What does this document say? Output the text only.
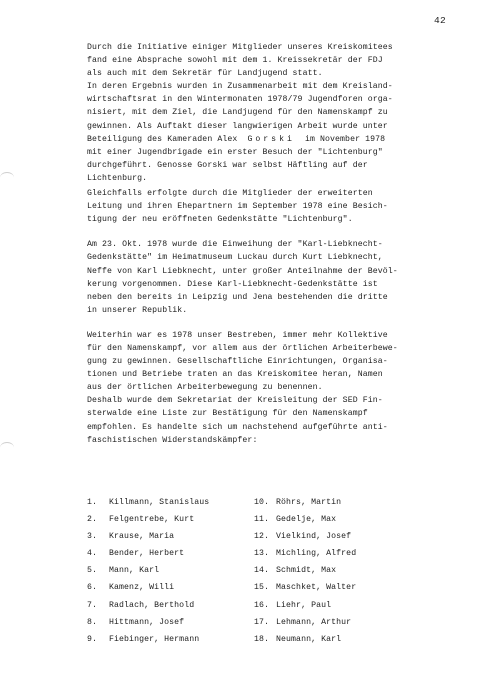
42
Durch die Initiative einiger Mitglieder unseres Kreiskomitees
fand eine Absprache sowohl mit dem 1. Kreissekretär der FDJ
als auch mit dem Sekretär für Landjugend statt.
In deren Ergebnis wurden in Zusammenarbeit mit dem Kreisland-
wirtschaftsrat in den Wintermonaten 1978/79 Jugendforen orga-
nisiert, mit dem Ziel, die Landjugend für den Namenskampf zu
gewinnen. Als Auftakt dieser langwierigen Arbeit wurde unter
Beteiligung des Kameraden Alex  Gorski  im November 1978
mit einer Jugendbrigade ein erster Besuch der "Lichtenburg"
durchgeführt. Genosse Gorski war selbst Häftling auf der
Lichtenburg.
Gleichfalls erfolgte durch die Mitglieder der erweiterten
Leitung und ihren Ehepartnern im September 1978 eine Besich-
tigung der neu eröffneten Gedenkstätte "Lichtenburg".
Am 23. Okt. 1978 wurde die Einweihung der "Karl-Liebknecht-
Gedenkstätte" im Heimatmuseum Luckau durch Kurt Liebknecht,
Neffe von Karl Liebknecht, unter großer Anteilnahme der Bevöl-
kerung vorgenommen. Diese Karl-Liebknecht-Gedenkstätte ist
neben den bereits in Leipzig und Jena bestehenden die dritte
in unserer Republik.
Weiterhin war es 1978 unser Bestreben, immer mehr Kollektive
für den Namenskampf, vor allem aus der örtlichen Arbeiterbewe-
gung zu gewinnen. Gesellschaftliche Einrichtungen, Organisa-
tionen und Betriebe traten an das Kreiskomitee heran, Namen
aus der örtlichen Arbeiterbewegung zu benennen.
Deshalb wurde dem Sekretariat der Kreisleitung der SED Fin-
sterwalde eine Liste zur Bestätigung für den Namenskampf
empfohlen. Es handelte sich um nachstehend aufgeführte anti-
faschistischen Widerstandskämpfer:
1. Killmann, Stanislaus
2. Felgentrebe, Kurt
3. Krause, Maria
4. Bender, Herbert
5. Mann, Karl
6. Kamenz, Willi
7. Radlach, Berthold
8. Hittmann, Josef
9. Fiebinger, Hermann
10. Röhrs, Martin
11. Gedelje, Max
12. Vielkind, Josef
13. Michling, Alfred
14. Schmidt, Max
15. Maschket, Walter
16. Liehr, Paul
17. Lehmann, Arthur
18. Neumann, Karl
